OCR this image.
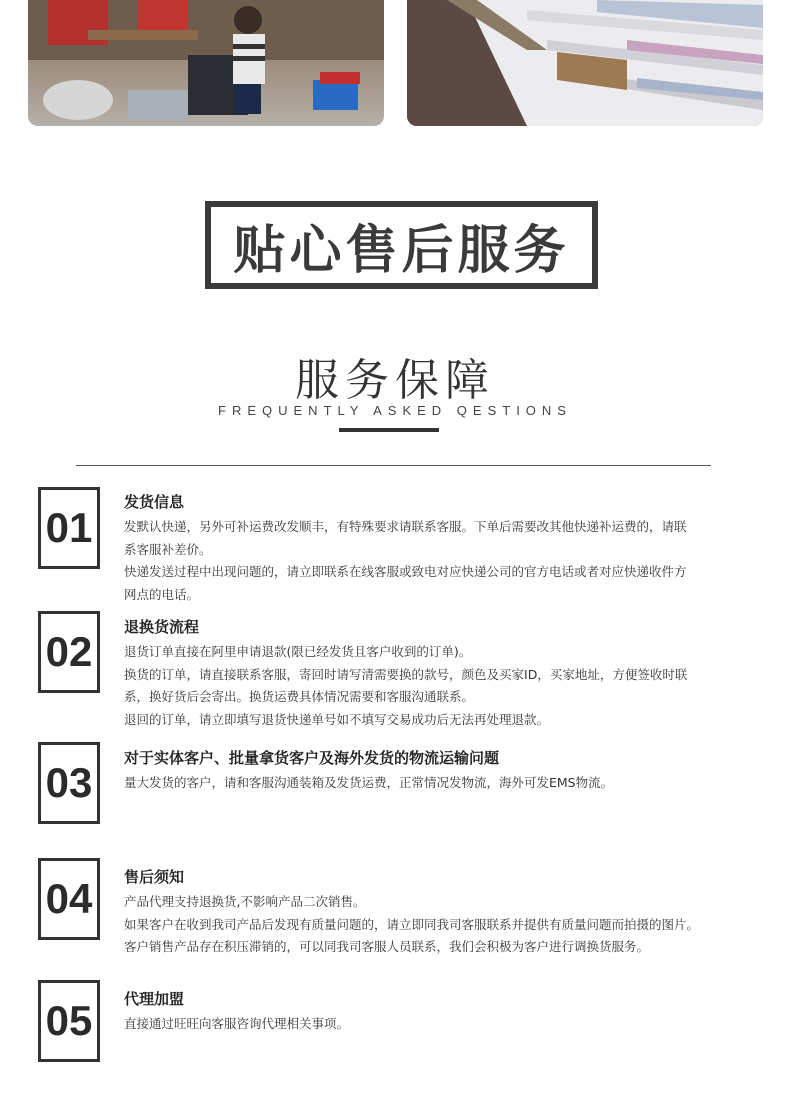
贴心售后服务
服务保障
FREQUENTLY ASKED QESTIONS
01
发货信息
发默认快递，另外可补运费改发顺丰，有特殊要求请联系客服。下单后需要改其他快递补运费的，请联
系客服补差价。
快递发送过程中出现问题的，请立即联系在线客服或致电对应快递公司的官方电话或者对应快递收件方
网点的电话。
02
退换货流程
退货订单直接在阿里申请退款(限已经发货且客户收到的订单)。
换货的订单，请直接联系客服，寄回时请写清需要换的款号，颜色及买家ID，买家地址，方便签收时联
系，换好货后会寄出。换货运费具体情况需要和客服沟通联系。
退回的订单，请立即填写退货快递单号如不填写交易成功后无法再处理退款。
03
对于实体客户、批量拿货客户及海外发货的物流运输问题
量大发货的客户，请和客服沟通装箱及发货运费，正常情况发物流，海外可发EMS物流。
04	售后须知
产品代理支持退换货,不影响产品二次销售。
如果客户在收到我司产品后发现有质量问题的，请立即同我司客服联系并提供有质量问题而拍摄的图片。
客户销售产品存在积压滞销的，可以同我司客服人员联系，我们会积极为客户进行调换货服务。
05	代理加盟
直接通过旺旺向客服咨询代理相关事项。
